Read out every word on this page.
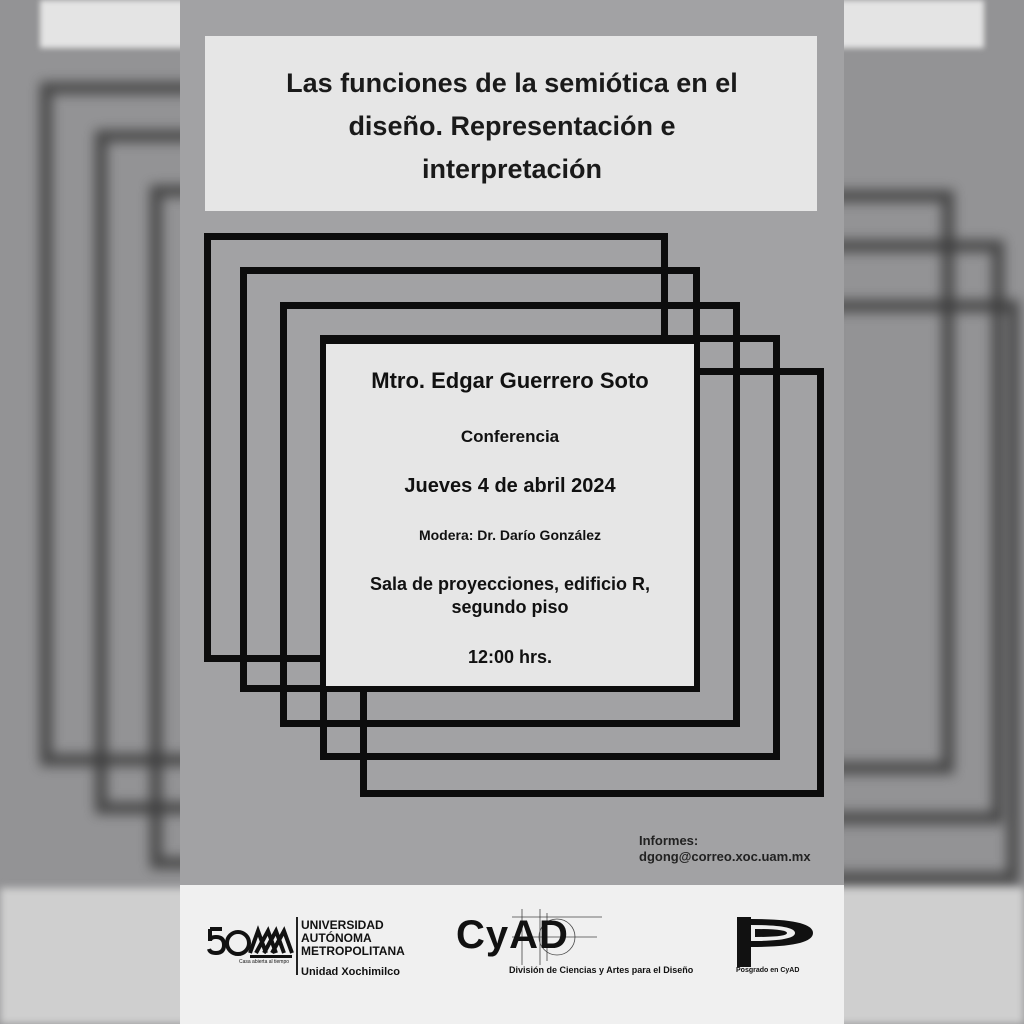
Las funciones de la semiótica en el
diseño. Representación e
interpretación
Mtro. Edgar Guerrero Soto
Conferencia
Jueves 4 de abril 2024
Modera: Dr. Darío González
Sala de proyecciones, edificio R,
segundo piso
12:00 hrs.
Informes:
dgong@correo.xoc.uam.mx
Casa abierta al tiempo
UNIVERSIDAD
AUTÓNOMA
METROPOLITANA
Unidad Xochimilco
CyAD
División de Ciencias y Artes para el Diseño	Posgrado en CyAD
